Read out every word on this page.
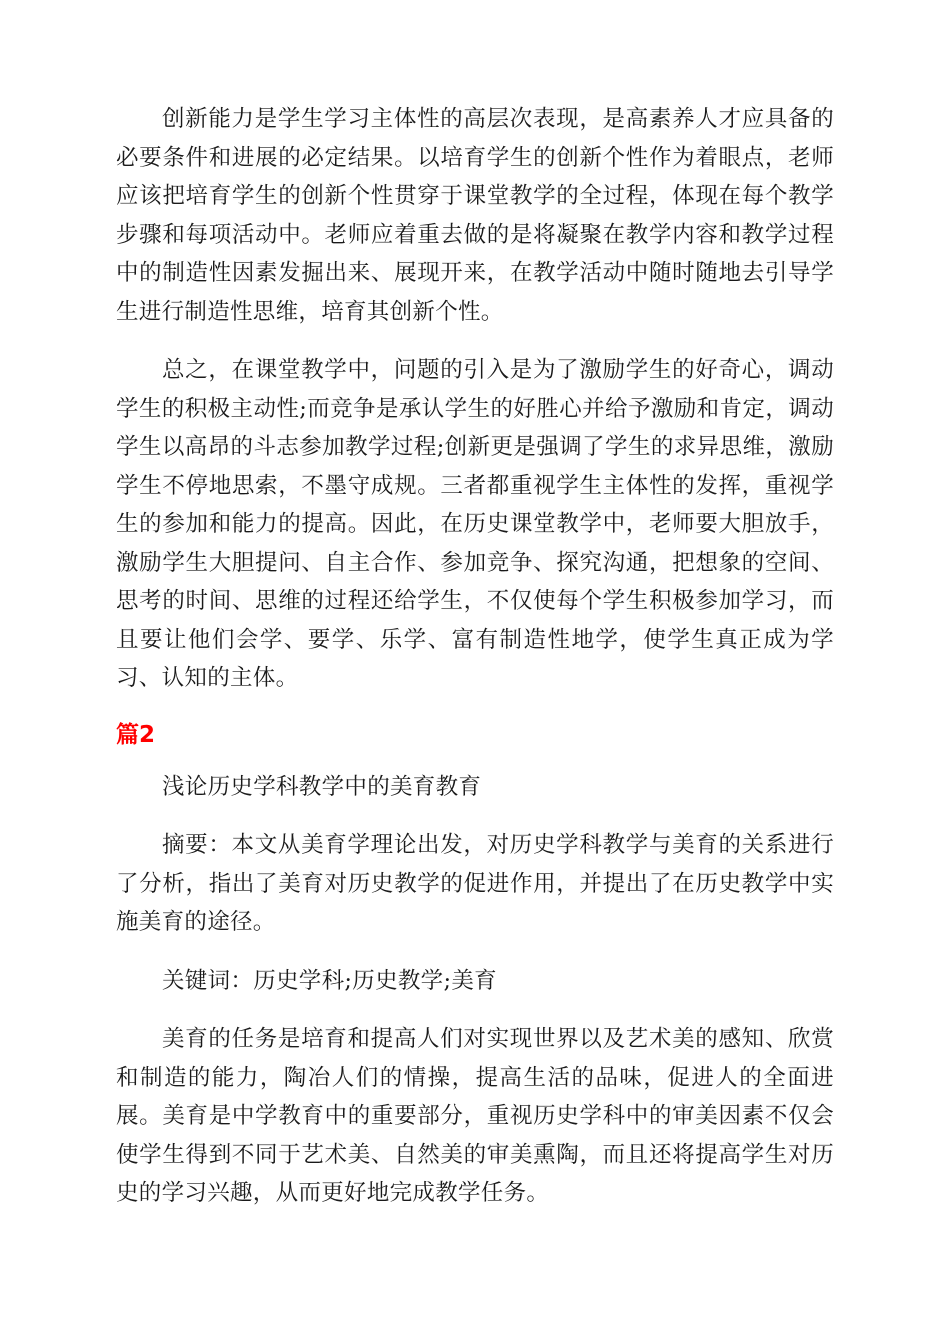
创新能力是学生学习主体性的高层次表现，是高素养人才应具备的必要条件和进展的必定结果。以培育学生的创新个性作为着眼点，老师应该把培育学生的创新个性贯穿于课堂教学的全过程，体现在每个教学步骤和每项活动中。老师应着重去做的是将凝聚在教学内容和教学过程中的制造性因素发掘出来、展现开来，在教学活动中随时随地去引导学生进行制造性思维，培育其创新个性。

总之，在课堂教学中，问题的引入是为了激励学生的好奇心，调动学生的积极主动性;而竞争是承认学生的好胜心并给予激励和肯定，调动学生以高昂的斗志参加教学过程;创新更是强调了学生的求异思维，激励学生不停地思索，不墨守成规。三者都重视学生主体性的发挥，重视学生的参加和能力的提高。因此，在历史课堂教学中，老师要大胆放手，激励学生大胆提问、自主合作、参加竞争、探究沟通，把想象的空间、思考的时间、思维的过程还给学生，不仅使每个学生积极参加学习，而且要让他们会学、要学、乐学、富有制造性地学，使学生真正成为学习、认知的主体。

篇2

浅论历史学科教学中的美育教育

摘要：本文从美育学理论出发，对历史学科教学与美育的关系进行了分析，指出了美育对历史教学的促进作用，并提出了在历史教学中实施美育的途径。

关键词：历史学科;历史教学;美育

美育的任务是培育和提高人们对实现世界以及艺术美的感知、欣赏和制造的能力，陶冶人们的情操，提高生活的品味，促进人的全面进展。美育是中学教育中的重要部分，重视历史学科中的审美因素不仅会使学生得到不同于艺术美、自然美的审美熏陶，而且还将提高学生对历史的学习兴趣，从而更好地完成教学任务。
